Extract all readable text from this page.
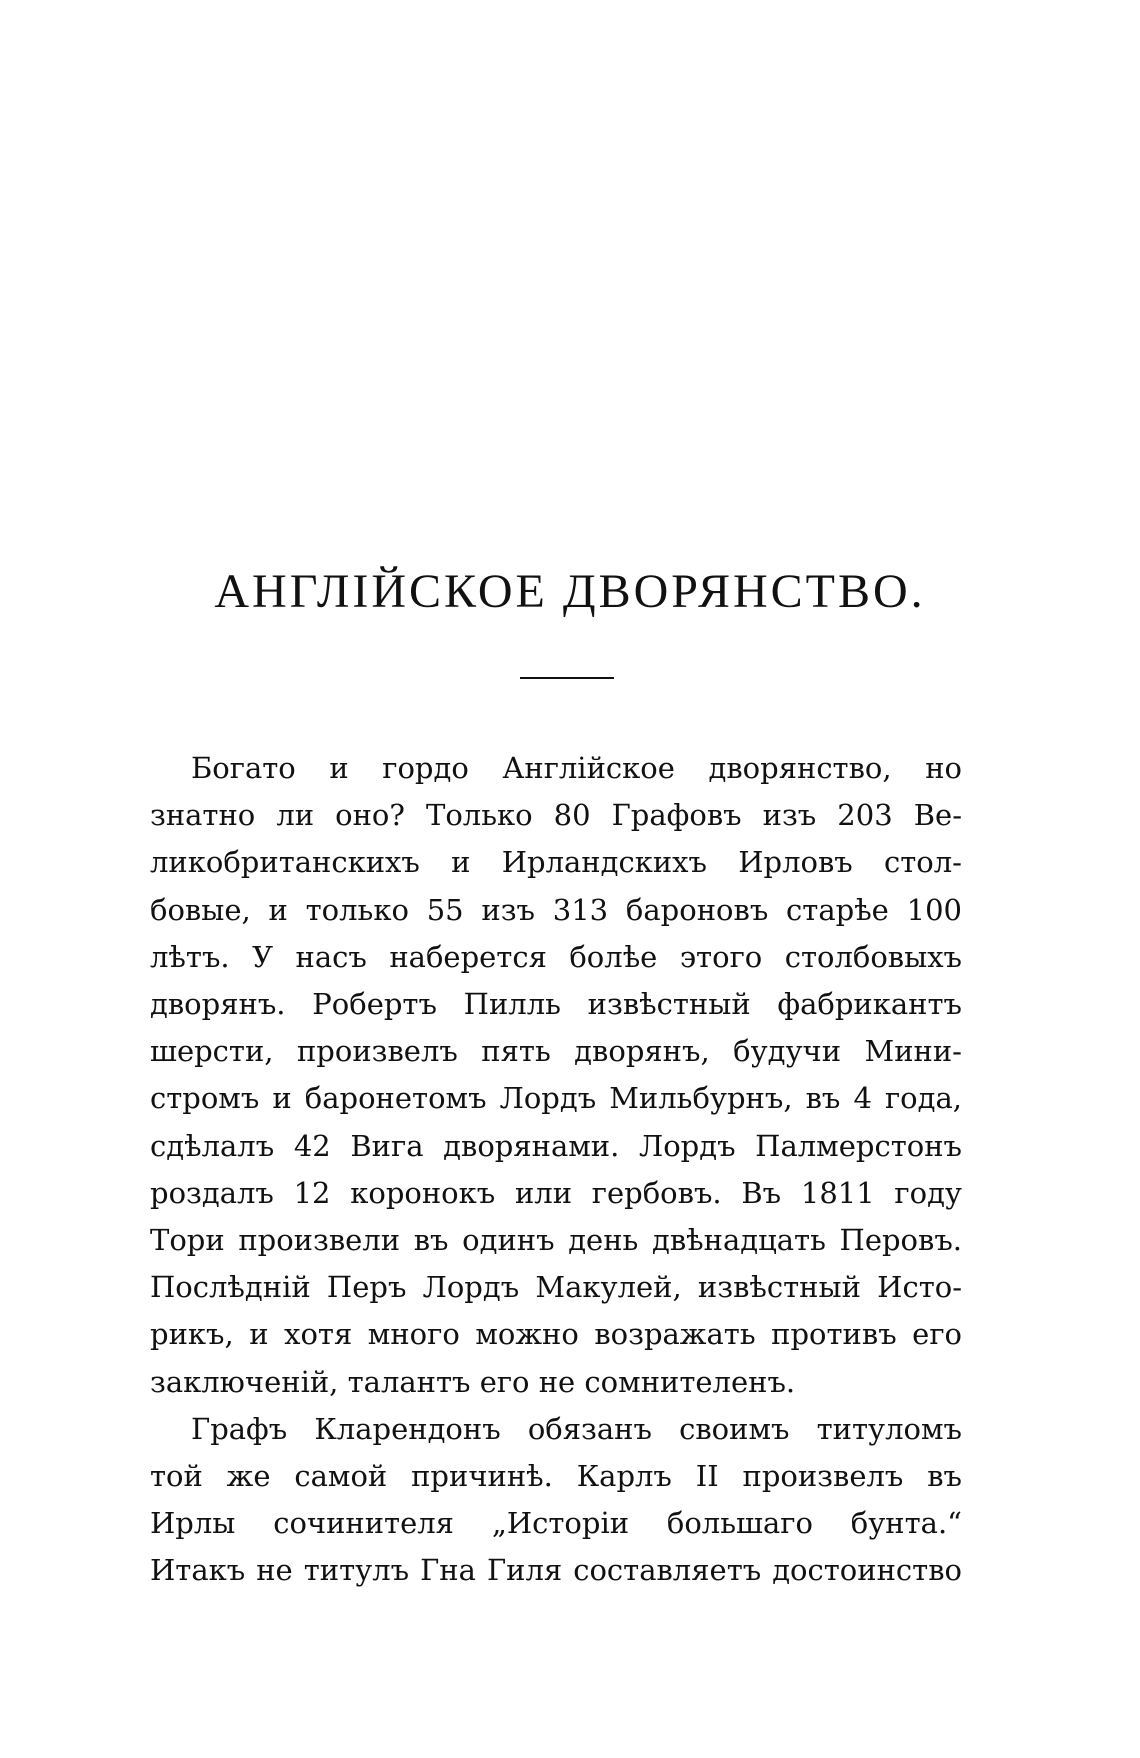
АНГЛІЙСКОЕ ДВОРЯНСТВО.
Богато и гордо Англійское дворянство, но
знатно ли оно? Только 80 Графовъ изъ 203 Ве-
ликобританскихъ и Ирландскихъ Ирловъ стол-
бовые, и только 55 изъ 313 бароновъ старѣе 100
лѣтъ. У насъ наберется болѣе этого столбовыхъ
дворянъ. Робертъ Пилль извѣстный фабрикантъ
шерсти, произвелъ пять дворянъ, будучи Мини-
стромъ и баронетомъ Лордъ Мильбурнъ, въ 4 года,
сдѣлалъ 42 Вига дворянами. Лордъ Палмерстонъ
роздалъ 12 коронокъ или гербовъ. Въ 1811 году
Тори произвели въ одинъ день двѣнадцать Перовъ.
Послѣдній Перъ Лордъ Макулей, извѣстный Исто-
рикъ, и хотя много можно возражать противъ его
заключеній, талантъ его не сомнителенъ.
Графъ Кларендонъ обязанъ своимъ титуломъ
той же самой причинѣ. Карлъ II произвелъ въ
Ирлы сочинителя „Исторіи большаго бунта.“
Итакъ не титулъ Гна Гиля составляетъ достоинство
